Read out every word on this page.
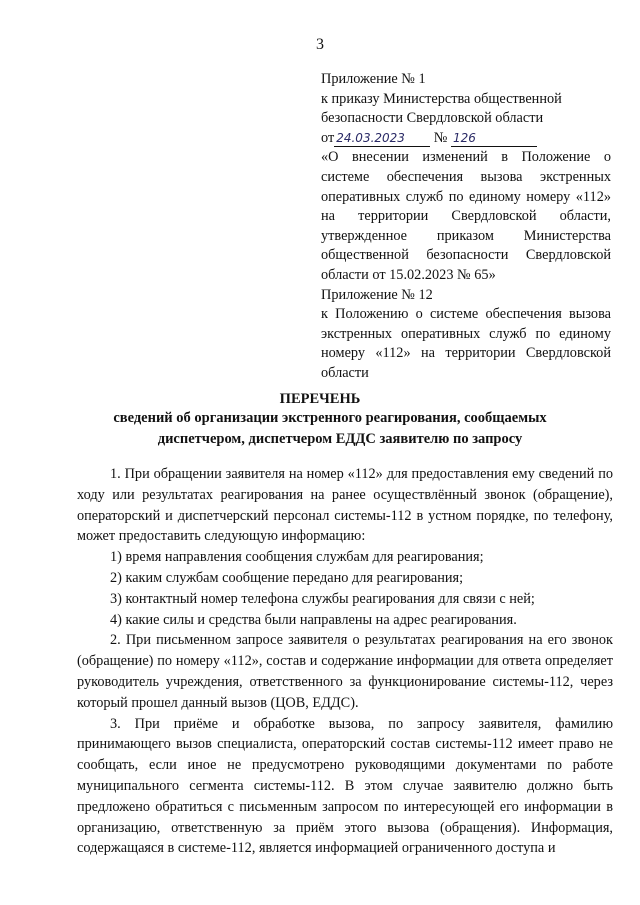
3
Приложение № 1
к приказу Министерства общественной
безопасности Свердловской области
от 24.03.2023 № 126
«О внесении изменений в Положение о системе обеспечения вызова экстренных оперативных служб по единому номеру «112» на территории Свердловской области, утвержденное приказом Министерства общественной безопасности Свердловской области от 15.02.2023 № 65»
Приложение № 12
к Положению о системе обеспечения вызова экстренных оперативных служб по единому номеру «112» на территории Свердловской области
ПЕРЕЧЕНЬ
сведений об организации экстренного реагирования, сообщаемых
диспетчером, диспетчером ЕДДС заявителю по запросу

1. При обращении заявителя на номер «112» для предоставления ему сведений по ходу или результатах реагирования на ранее осуществлённый звонок (обращение), операторский и диспетчерский персонал системы-112 в устном порядке, по телефону, может предоставить следующую информацию:

1) время направления сообщения службам для реагирования;

2) каким службам сообщение передано для реагирования;

3) контактный номер телефона службы реагирования для связи с ней;

4) какие силы и средства были направлены на адрес реагирования.

2. При письменном запросе заявителя о результатах реагирования на его звонок (обращение) по номеру «112», состав и содержание информации для ответа определяет руководитель учреждения, ответственного за функционирование системы-112, через который прошел данный вызов (ЦОВ, ЕДДС).

3. При приёме и обработке вызова, по запросу заявителя, фамилию принимающего вызов специалиста, операторский состав системы-112 имеет право не сообщать, если иное не предусмотрено руководящими документами по работе муниципального сегмента системы-112. В этом случае заявителю должно быть предложено обратиться с письменным запросом по интересующей его информации в организацию, ответственную за приём этого вызова (обращения). Информация, содержащаяся в системе-112, является информацией ограниченного доступа и
